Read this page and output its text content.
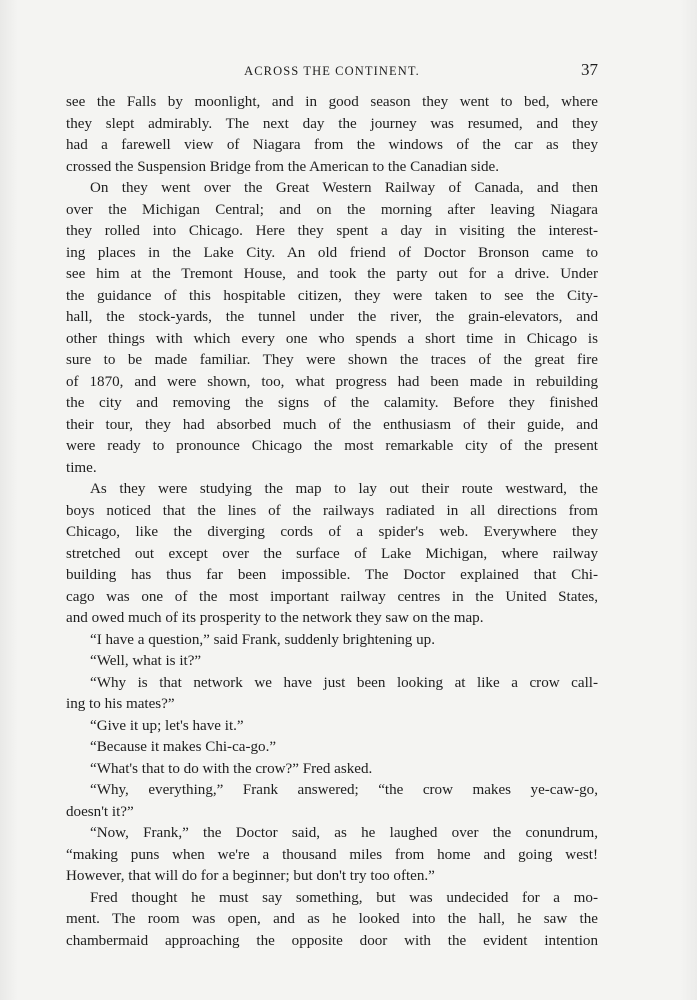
ACROSS THE CONTINENT.	37
see the Falls by moonlight, and in good season they went to bed, where
they slept admirably. The next day the journey was resumed, and they
had a farewell view of Niagara from the windows of the car as they
crossed the Suspension Bridge from the American to the Canadian side.
On they went over the Great Western Railway of Canada, and then
over the Michigan Central; and on the morning after leaving Niagara
they rolled into Chicago. Here they spent a day in visiting the interest-
ing places in the Lake City. An old friend of Doctor Bronson came to
see him at the Tremont House, and took the party out for a drive. Under
the guidance of this hospitable citizen, they were taken to see the City-
hall, the stock-yards, the tunnel under the river, the grain-elevators, and
other things with which every one who spends a short time in Chicago is
sure to be made familiar. They were shown the traces of the great fire
of 1870, and were shown, too, what progress had been made in rebuilding
the city and removing the signs of the calamity. Before they finished
their tour, they had absorbed much of the enthusiasm of their guide, and
were ready to pronounce Chicago the most remarkable city of the present
time.
As they were studying the map to lay out their route westward, the
boys noticed that the lines of the railways radiated in all directions from
Chicago, like the diverging cords of a spider's web. Everywhere they
stretched out except over the surface of Lake Michigan, where railway
building has thus far been impossible. The Doctor explained that Chi-
cago was one of the most important railway centres in the United States,
and owed much of its prosperity to the network they saw on the map.
“I have a question,” said Frank, suddenly brightening up.
“Well, what is it?”
“Why is that network we have just been looking at like a crow call-
ing to his mates?”
“Give it up; let's have it.”
“Because it makes Chi-ca-go.”
“What's that to do with the crow?” Fred asked.
“Why, everything,” Frank answered; “the crow makes ye-caw-go,
doesn't it?”
“Now, Frank,” the Doctor said, as he laughed over the conundrum,
“making puns when we're a thousand miles from home and going west!
However, that will do for a beginner; but don't try too often.”
Fred thought he must say something, but was undecided for a mo-
ment. The room was open, and as he looked into the hall, he saw the
chambermaid approaching the opposite door with the evident intention
